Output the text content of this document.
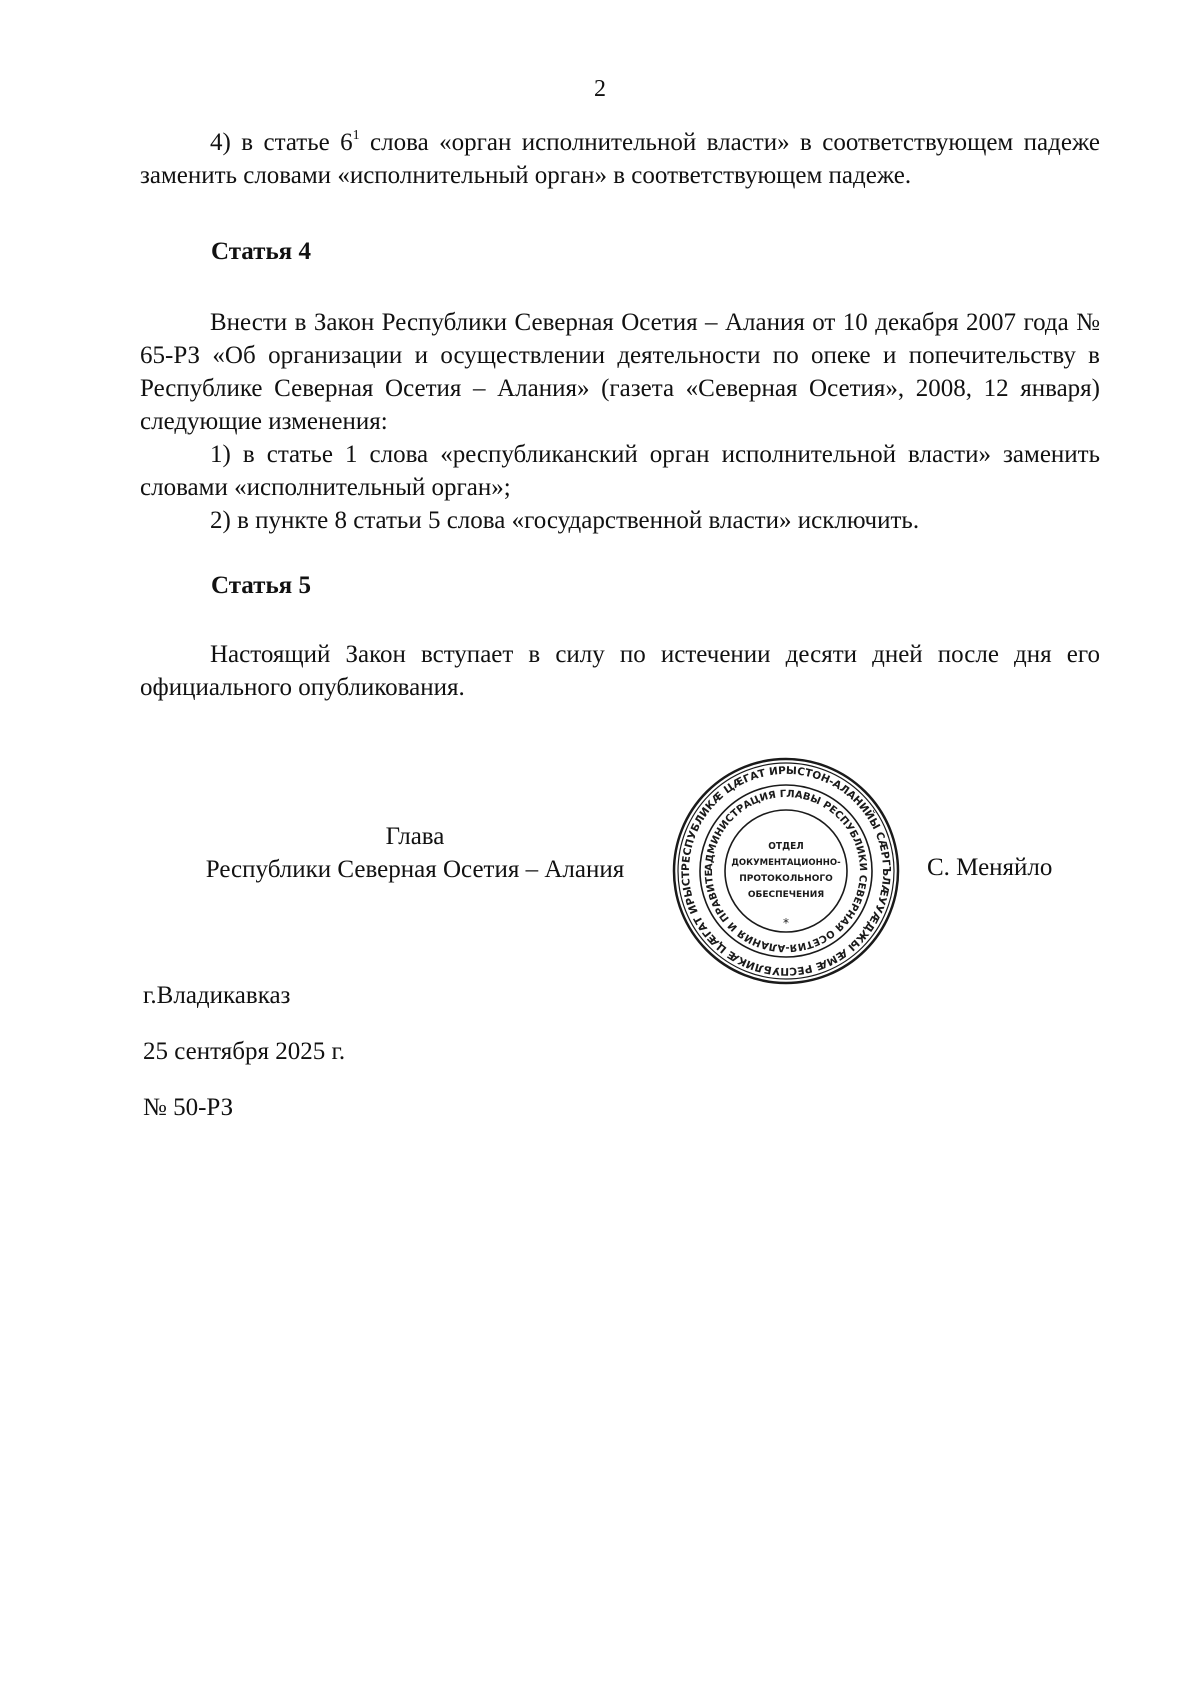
2

4) в статье $6^1$ слова «орган исполнительной власти» в соответствующем падеже заменить словами «исполнительный орган» в соответствующем падеже.

Статья 4

Внести в Закон Республики Северная Осетия – Алания от 10 декабря 2007 года № 65-РЗ «Об организации и осуществлении деятельности по опеке и попечительству в Республике Северная Осетия – Алания» (газета «Северная Осетия», 2008, 12 января) следующие изменения:

1) в статье 1 слова «республиканский орган исполнительной власти» заменить словами «исполнительный орган»;

2) в пункте 8 статьи 5 слова «государственной власти» исключить.

Статья 5

Настоящий Закон вступает в силу по истечении десяти дней после дня его официального опубликования.

Глава
Республики Северная Осетия – Алания	РЕСПУБЛИКӔ ЦӔГАТ ИРЫСТОН-АЛАНИЙЫ СӔРГЪЛӔУУӔДЖЫ ӔМӔ РЕСПУБЛИКӔ ЦӔГАТ ИРЫСТ
АДМИНИСТРАЦИЯ ГЛАВЫ РЕСПУБЛИКИ СЕВЕРНАЯ ОСЕТИЯ-АЛАНИЯ И ПРАВИТЕ
ОТДЕЛ
ДОКУМЕНТАЦИОННО-
ПРОТОКОЛЬНОГО
ОБЕСПЕЧЕНИЯ
*
С. Меняйло
г.Владикавказ
25 сентября 2025 г.
№ 50-РЗ
